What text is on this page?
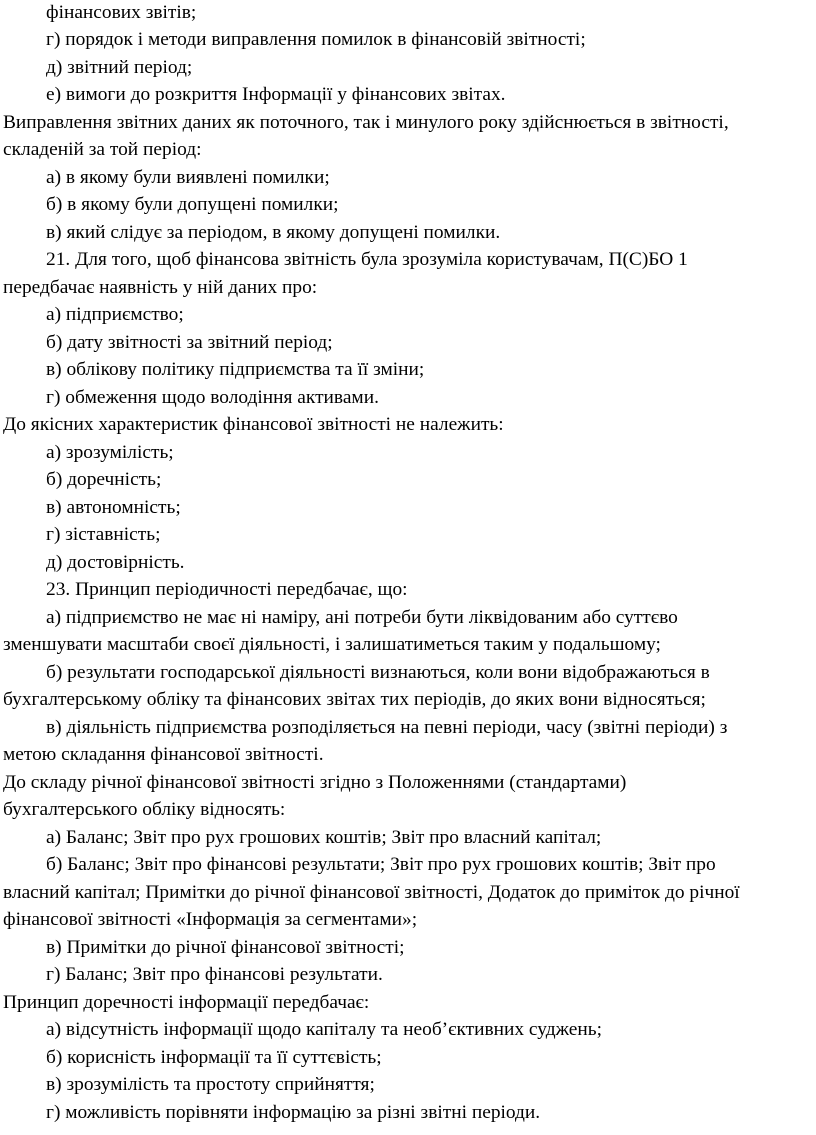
фінансових звітів;
г) порядок і методи виправлення помилок в фінансовій звітності;
д) звітний період;
е) вимоги до розкриття Інформації у фінансових звітах.
Виправлення звітних даних як поточного, так і минулого року здійснюється в звітності,
складеній за той період:
а) в якому були виявлені помилки;
б) в якому були допущені помилки;
в) який слідує за періодом, в якому допущені помилки.
21. Для того, щоб фінансова звітність була зрозуміла користувачам, П(С)БО 1
передбачає наявність у ній даних про:
а) підприємство;
б) дату звітності за звітний період;
в) облікову політику підприємства та її зміни;
г) обмеження щодо володіння активами.
До якісних характеристик фінансової звітності не належить:
а) зрозумілість;
б) доречність;
в) автономність;
г) зіставність;
д) достовірність.
23. Принцип періодичності передбачає, що:
а) підприємство не має ні наміру, ані потреби бути ліквідованим або суттєво
зменшувати масштаби своєї діяльності, і залишатиметься таким у подальшому;
б) результати господарської діяльності визнаються, коли вони відображаються в
бухгалтерському обліку та фінансових звітах тих періодів, до яких вони відносяться;
в) діяльність підприємства розподіляється на певні періоди, часу (звітні періоди) з
метою складання фінансової звітності.
До складу річної фінансової звітності згідно з Положеннями (стандартами)
бухгалтерського обліку відносять:
а) Баланс; Звіт про рух грошових коштів; Звіт про власний капітал;
б) Баланс; Звіт про фінансові результати; Звіт про рух грошових коштів; Звіт про
власний капітал; Примітки до річної фінансової звітності, Додаток до приміток до річної
фінансової звітності «Інформація за сегментами»;
в) Примітки до річної фінансової звітності;
г) Баланс; Звіт про фінансові результати.
Принцип доречності інформації передбачає:
а) відсутність інформації щодо капіталу та необ’єктивних суджень;
б) корисність інформації та її суттєвість;
в) зрозумілість та простоту сприйняття;
г) можливість порівняти інформацію за різні звітні періоди.
